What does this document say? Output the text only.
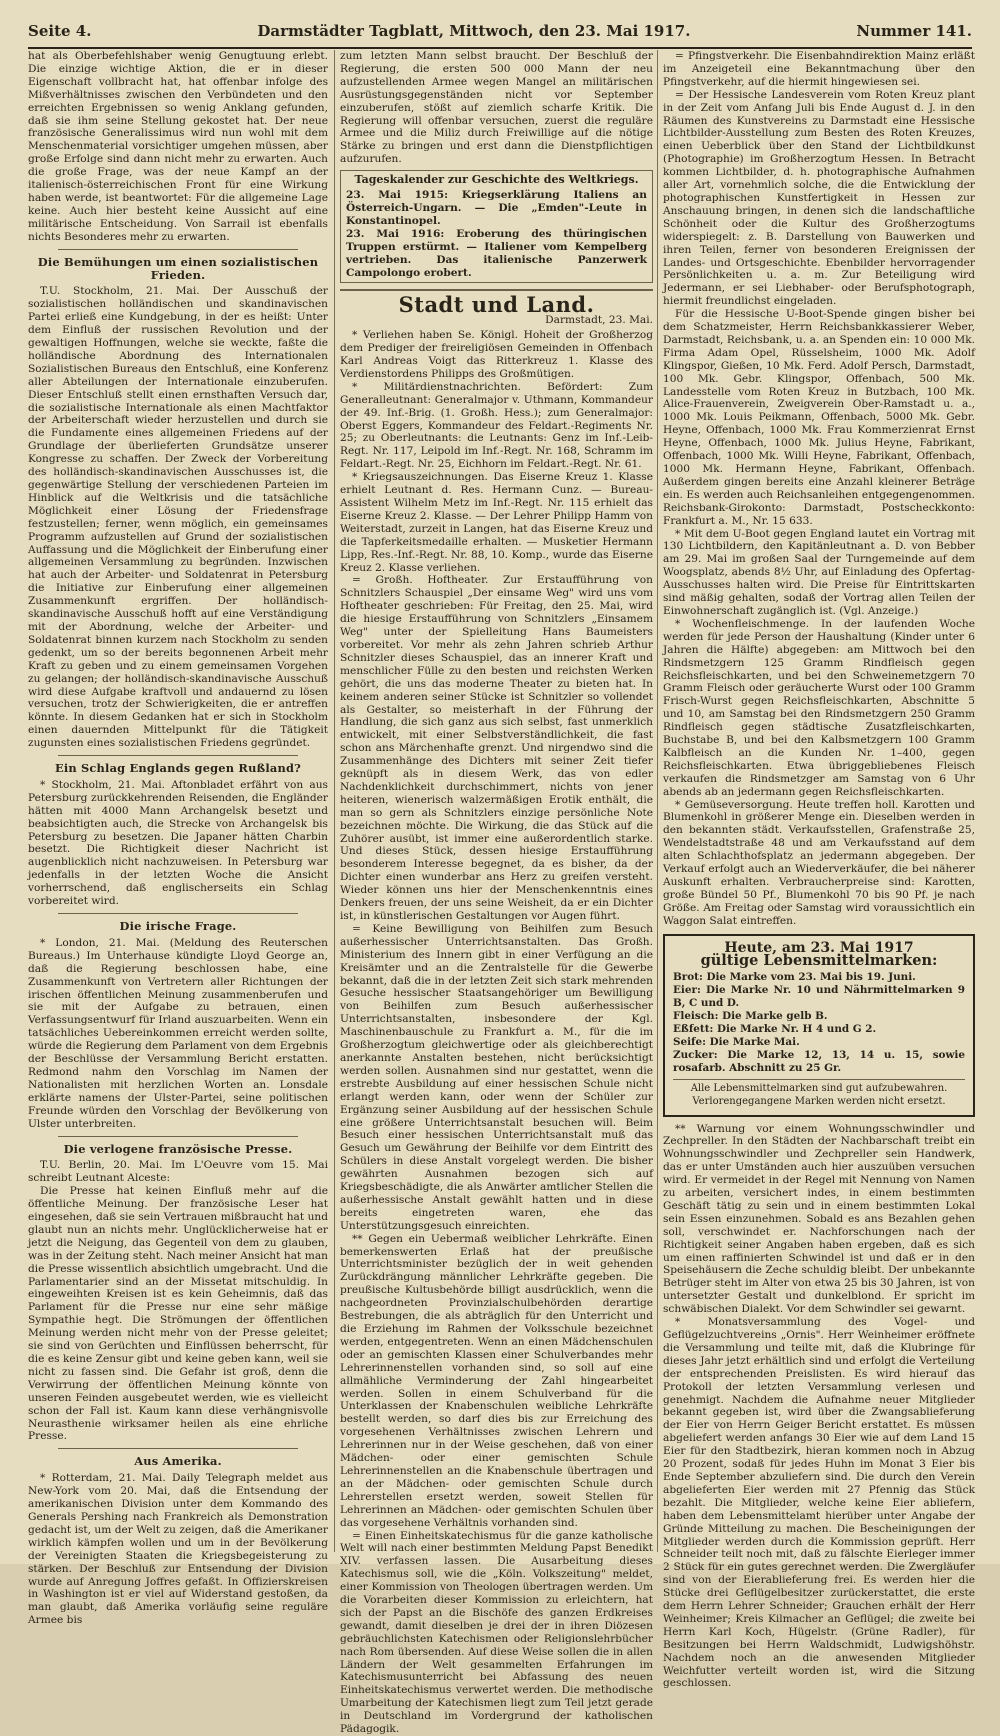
Seite 4.	Darmstädter Tagblatt, Mittwoch, den 23. Mai 1917.	Nummer 141.

hat als Oberbefehlshaber wenig Genugtuung erlebt. Die einzige wichtige Aktion, die er in dieser Eigenschaft vollbracht hat, hat offenbar infolge des Mißverhältnisses zwischen den Verbündeten und den erreichten Ergebnissen so wenig Anklang gefunden, daß sie ihm seine Stellung gekostet hat. Der neue französische Generalissimus wird nun wohl mit dem Menschenmaterial vorsichtiger umgehen müssen, aber große Erfolge sind dann nicht mehr zu erwarten. Auch die große Frage, was der neue Kampf an der italienisch-österreichischen Front für eine Wirkung haben werde, ist beantwortet: Für die allgemeine Lage keine. Auch hier besteht keine Aussicht auf eine militärische Entscheidung. Von Sarrail ist ebenfalls nichts Besonderes mehr zu erwarten.

Die Bemühungen um einen sozialistischen Frieden.

T.U. Stockholm, 21. Mai. Der Ausschuß der sozialistischen holländischen und skandinavischen Partei erließ eine Kundgebung, in der es heißt: Unter dem Einfluß der russischen Revolution und der gewaltigen Hoffnungen, welche sie weckte, faßte die holländische Abordnung des Internationalen Sozialistischen Bureaus den Entschluß, eine Konferenz aller Abteilungen der Internationale einzuberufen. Dieser Entschluß stellt einen ernsthaften Versuch dar, die sozialistische Internationale als einen Machtfaktor der Arbeiterschaft wieder herzustellen und durch sie die Fundamente eines allgemeinen Friedens auf der Grundlage der überlieferten Grundsätze unserer Kongresse zu schaffen. Der Zweck der Vorbereitung des holländisch-skandinavischen Ausschusses ist, die gegenwärtige Stellung der verschiedenen Parteien im Hinblick auf die Weltkrisis und die tatsächliche Möglichkeit einer Lösung der Friedensfrage festzustellen; ferner, wenn möglich, ein gemeinsames Programm aufzustellen auf Grund der sozialistischen Auffassung und die Möglichkeit der Einberufung einer allgemeinen Versammlung zu begründen. Inzwischen hat auch der Arbeiter- und Soldatenrat in Petersburg die Initiative zur Einberufung einer allgemeinen Zusammenkunft ergriffen. Der holländisch-skandinavische Ausschuß hofft auf eine Verständigung mit der Abordnung, welche der Arbeiter- und Soldatenrat binnen kurzem nach Stockholm zu senden gedenkt, um so der bereits begonnenen Arbeit mehr Kraft zu geben und zu einem gemeinsamen Vorgehen zu gelangen; der holländisch-skandinavische Ausschuß wird diese Aufgabe kraftvoll und andauernd zu lösen versuchen, trotz der Schwierigkeiten, die er antreffen könnte. In diesem Gedanken hat er sich in Stockholm einen dauernden Mittelpunkt für die Tätigkeit zugunsten eines sozialistischen Friedens gegründet.

Ein Schlag Englands gegen Rußland?

* Stockholm, 21. Mai. Aftonbladet erfährt von aus Petersburg zurückkehrenden Reisenden, die Engländer hätten mit 4000 Mann Archangelsk besetzt und beabsichtigten auch, die Strecke von Archangelsk bis Petersburg zu besetzen. Die Japaner hätten Charbin besetzt. Die Richtigkeit dieser Nachricht ist augenblicklich nicht nachzuweisen. In Petersburg war jedenfalls in der letzten Woche die Ansicht vorherrschend, daß englischerseits ein Schlag vorbereitet wird.

Die irische Frage.

* London, 21. Mai. (Meldung des Reuterschen Bureaus.) Im Unterhause kündigte Lloyd George an, daß die Regierung beschlossen habe, eine Zusammenkunft von Vertretern aller Richtungen der irischen öffentlichen Meinung zusammenberufen und sie mit der Aufgabe zu betrauen, einen Verfassungsentwurf für Irland auszuarbeiten. Wenn ein tatsächliches Uebereinkommen erreicht werden sollte, würde die Regierung dem Parlament von dem Ergebnis der Beschlüsse der Versammlung Bericht erstatten. Redmond nahm den Vorschlag im Namen der Nationalisten mit herzlichen Worten an. Lonsdale erklärte namens der Ulster-Partei, seine politischen Freunde würden den Vorschlag der Bevölkerung von Ulster unterbreiten.

Die verlogene französische Presse.

T.U. Berlin, 20. Mai. Im L'Oeuvre vom 15. Mai schreibt Leutnant Alceste:

Die Presse hat keinen Einfluß mehr auf die öffentliche Meinung. Der französische Leser hat eingesehen, daß sie sein Vertrauen mißbraucht hat und glaubt nun an nichts mehr. Unglücklicherweise hat er jetzt die Neigung, das Gegenteil von dem zu glauben, was in der Zeitung steht. Nach meiner Ansicht hat man die Presse wissentlich absichtlich umgebracht. Und die Parlamentarier sind an der Missetat mitschuldig. In eingeweihten Kreisen ist es kein Geheimnis, daß das Parlament für die Presse nur eine sehr mäßige Sympathie hegt. Die Strömungen der öffentlichen Meinung werden nicht mehr von der Presse geleitet; sie sind von Gerüchten und Einflüssen beherrscht, für die es keine Zensur gibt und keine geben kann, weil sie nicht zu fassen sind. Die Gefahr ist groß, denn die Verwirrung der öffentlichen Meinung könnte von unseren Feinden ausgebeutet werden, wie es vielleicht schon der Fall ist. Kaum kann diese verhängnisvolle Neurasthenie wirksamer heilen als eine ehrliche Presse.

Aus Amerika.

* Rotterdam, 21. Mai. Daily Telegraph meldet aus New-York vom 20. Mai, daß die Entsendung der amerikanischen Division unter dem Kommando des Generals Pershing nach Frankreich als Demonstration gedacht ist, um der Welt zu zeigen, daß die Amerikaner wirklich kämpfen wollen und um in der Bevölkerung der Vereinigten Staaten die Kriegsbegeisterung zu stärken. Der Beschluß zur Entsendung der Division wurde auf Anregung Joffres gefaßt. In Offizierskreisen in Washington ist er viel auf Widerstand gestoßen, da man glaubt, daß Amerika vorläufig seine reguläre Armee bis

zum letzten Mann selbst braucht. Der Beschluß der Regierung, die ersten 500 000 Mann der neu aufzustellenden Armee wegen Mangel an militärischen Ausrüstungsgegenständen nicht vor September einzuberufen, stößt auf ziemlich scharfe Kritik. Die Regierung will offenbar versuchen, zuerst die reguläre Armee und die Miliz durch Freiwillige auf die nötige Stärke zu bringen und erst dann die Dienstpflichtigen aufzurufen.

Tageskalender zur Geschichte des Weltkriegs.

23. Mai 1915: Kriegserklärung Italiens an Österreich-Ungarn. — Die „Emden"-Leute in Konstantinopel.

23. Mai 1916: Eroberung des thüringischen Truppen erstürmt. — Italiener vom Kempelberg vertrieben. Das italienische Panzerwerk Campolongo erobert.

Stadt und Land.
Darmstadt, 23. Mai.

* Verliehen haben Se. Königl. Hoheit der Großherzog dem Prediger der freireligiösen Gemeinden in Offenbach Karl Andreas Voigt das Ritterkreuz 1. Klasse des Verdienstordens Philipps des Großmütigen.

* Militärdienstnachrichten. Befördert: Zum Generalleutnant: Generalmajor v. Uthmann, Kommandeur der 49. Inf.-Brig. (1. Großh. Hess.); zum Generalmajor: Oberst Eggers, Kommandeur des Feldart.-Regiments Nr. 25; zu Oberleutnants: die Leutnants: Genz im Inf.-Leib-Regt. Nr. 117, Leipold im Inf.-Regt. Nr. 168, Schramm im Feldart.-Regt. Nr. 25, Eichhorn im Feldart.-Regt. Nr. 61.

* Kriegsauszeichnungen. Das Eiserne Kreuz 1. Klasse erhielt Leutnant d. Res. Hermann Cunz. — Bureau-Assistent Wilhelm Metz im Inf.-Regt. Nr. 115 erhielt das Eiserne Kreuz 2. Klasse. — Der Lehrer Philipp Hamm von Weiterstadt, zurzeit in Langen, hat das Eiserne Kreuz und die Tapferkeitsmedaille erhalten. — Musketier Hermann Lipp, Res.-Inf.-Regt. Nr. 88, 10. Komp., wurde das Eiserne Kreuz 2. Klasse verliehen.

= Großh. Hoftheater. Zur Erstaufführung von Schnitzlers Schauspiel „Der einsame Weg" wird uns vom Hoftheater geschrieben: Für Freitag, den 25. Mai, wird die hiesige Erstaufführung von Schnitzlers „Einsamem Weg" unter der Spielleitung Hans Baumeisters vorbereitet. Vor mehr als zehn Jahren schrieb Arthur Schnitzler dieses Schauspiel, das an innerer Kraft und menschlicher Fülle zu den besten und reichsten Werken gehört, die uns das moderne Theater zu bieten hat. In keinem anderen seiner Stücke ist Schnitzler so vollendet als Gestalter, so meisterhaft in der Führung der Handlung, die sich ganz aus sich selbst, fast unmerklich entwickelt, mit einer Selbstverständlichkeit, die fast schon ans Märchenhafte grenzt. Und nirgendwo sind die Zusammenhänge des Dichters mit seiner Zeit tiefer geknüpft als in diesem Werk, das von edler Nachdenklichkeit durchschimmert, nichts von jener heiteren, wienerisch walzermäßigen Erotik enthält, die man so gern als Schnitzlers einzige persönliche Note bezeichnen möchte. Die Wirkung, die das Stück auf die Zuhörer ausübt, ist immer eine außerordentlich starke. Und dieses Stück, dessen hiesige Erstaufführung besonderem Interesse begegnet, da es bisher, da der Dichter einen wunderbar ans Herz zu greifen versteht. Wieder können uns hier der Menschenkenntnis eines Denkers freuen, der uns seine Weisheit, da er ein Dichter ist, in künstlerischen Gestaltungen vor Augen führt.

= Keine Bewilligung von Beihilfen zum Besuch außerhessischer Unterrichtsanstalten. Das Großh. Ministerium des Innern gibt in einer Verfügung an die Kreisämter und an die Zentralstelle für die Gewerbe bekannt, daß die in der letzten Zeit sich stark mehrenden Gesuche hessischer Staatsangehöriger um Bewilligung von Beihilfen zum Besuch außerhessischer Unterrichtsanstalten, insbesondere der Kgl. Maschinenbauschule zu Frankfurt a. M., für die im Großherzogtum gleichwertige oder als gleichberechtigt anerkannte Anstalten bestehen, nicht berücksichtigt werden sollen. Ausnahmen sind nur gestattet, wenn die erstrebte Ausbildung auf einer hessischen Schule nicht erlangt werden kann, oder wenn der Schüler zur Ergänzung seiner Ausbildung auf der hessischen Schule eine größere Unterrichtsanstalt besuchen will. Beim Besuch einer hessischen Unterrichtsanstalt muß das Gesuch um Gewährung der Beihilfe vor dem Eintritt des Schülers in diese Anstalt vorgelegt werden. Die bisher gewährten Ausnahmen bezogen sich auf Kriegsbeschädigte, die als Anwärter amtlicher Stellen die außerhessische Anstalt gewählt hatten und in diese bereits eingetreten waren, ehe das Unterstützungsgesuch einreichten.

** Gegen ein Uebermaß weiblicher Lehrkräfte. Einen bemerkenswerten Erlaß hat der preußische Unterrichtsminister bezüglich der in weit gehenden Zurückdrängung männlicher Lehrkräfte gegeben. Die preußische Kultusbehörde billigt ausdrücklich, wenn die nachgeordneten Provinzialschulbehörden derartige Bestrebungen, die als abträglich für den Unterricht und die Erziehung im Rahmen der Volksschule bezeichnet werden, entgegentreten. Wenn an einen Mädchenschulen oder an gemischten Klassen einer Schulverbandes mehr Lehrerinnenstellen vorhanden sind, so soll auf eine allmähliche Verminderung der Zahl hingearbeitet werden. Sollen in einem Schulverband für die Unterklassen der Knabenschulen weibliche Lehrkräfte bestellt werden, so darf dies bis zur Erreichung des vorgesehenen Verhältnisses zwischen Lehrern und Lehrerinnen nur in der Weise geschehen, daß von einer Mädchen- oder einer gemischten Schule Lehrerinnenstellen an die Knabenschule übertragen und an der Mädchen- oder gemischten Schule durch Lehrerstellen ersetzt werden, soweit Stellen für Lehrerinnen an Mädchen- oder gemischten Schulen über das vorgesehene Verhältnis vorhanden sind.

= Einen Einheitskatechismus für die ganze katholische Welt will nach einer bestimmten Meldung Papst Benedikt XIV. verfassen lassen. Die Ausarbeitung dieses Katechismus soll, wie die „Köln. Volkszeitung" meldet, einer Kommission von Theologen übertragen werden. Um die Vorarbeiten dieser Kommission zu erleichtern, hat sich der Papst an die Bischöfe des ganzen Erdkreises gewandt, damit dieselben je drei der in ihren Diözesen gebräuchlichsten Katechismen oder Religionslehrbücher nach Rom übersenden. Auf diese Weise sollen die in allen Ländern der Welt gesammelten Erfahrungen im Katechismusunterricht bei Abfassung des neuen Einheitskatechismus verwertet werden. Die methodische Umarbeitung der Katechismen liegt zum Teil jetzt gerade in Deutschland im Vordergrund der katholischen Pädagogik.

= Pfingstverkehr. Die Eisenbahndirektion Mainz erläßt im Anzeigeteil eine Bekanntmachung über den Pfingstverkehr, auf die hiermit hingewiesen sei.

= Der Hessische Landesverein vom Roten Kreuz plant in der Zeit vom Anfang Juli bis Ende August d. J. in den Räumen des Kunstvereins zu Darmstadt eine Hessische Lichtbilder-Ausstellung zum Besten des Roten Kreuzes, einen Ueberblick über den Stand der Lichtbildkunst (Photographie) im Großherzogtum Hessen. In Betracht kommen Lichtbilder, d. h. photographische Aufnahmen aller Art, vornehmlich solche, die die Entwicklung der photographischen Kunstfertigkeit in Hessen zur Anschauung bringen, in denen sich die landschaftliche Schönheit oder die Kultur des Großherzogtums widerspiegelt: z. B. Darstellung von Bauwerken und ihren Teilen, ferner von besonderen Ereignissen der Landes- und Ortsgeschichte. Ebenbilder hervorragender Persönlichkeiten u. a. m. Zur Beteiligung wird Jedermann, er sei Liebhaber- oder Berufsphotograph, hiermit freundlichst eingeladen.

Für die Hessische U-Boot-Spende gingen bisher bei dem Schatzmeister, Herrn Reichsbankkassierer Weber, Darmstadt, Reichsbank, u. a. an Spenden ein: 10 000 Mk. Firma Adam Opel, Rüsselsheim, 1000 Mk. Adolf Klingspor, Gießen, 10 Mk. Ferd. Adolf Persch, Darmstadt, 100 Mk. Gebr. Klingspor, Offenbach, 500 Mk. Landesstelle vom Roten Kreuz in Butzbach, 100 Mk. Alice-Frauenverein, Zweigverein Ober-Ramstadt u. a., 1000 Mk. Louis Peikmann, Offenbach, 5000 Mk. Gebr. Heyne, Offenbach, 1000 Mk. Frau Kommerzienrat Ernst Heyne, Offenbach, 1000 Mk. Julius Heyne, Fabrikant, Offenbach, 1000 Mk. Willi Heyne, Fabrikant, Offenbach, 1000 Mk. Hermann Heyne, Fabrikant, Offenbach. Außerdem gingen bereits eine Anzahl kleinerer Beträge ein. Es werden auch Reichsanleihen entgegengenommen. Reichsbank-Girokonto: Darmstadt, Postscheckkonto: Frankfurt a. M., Nr. 15 633.

* Mit dem U-Boot gegen England lautet ein Vortrag mit 130 Lichtbildern, den Kapitänleutnant a. D. von Bebber am 29. Mai im großen Saal der Turngemeinde auf dem Woogsplatz, abends 8½ Uhr, auf Einladung des Opfertag-Ausschusses halten wird. Die Preise für Eintrittskarten sind mäßig gehalten, sodaß der Vortrag allen Teilen der Einwohnerschaft zugänglich ist. (Vgl. Anzeige.)

* Wochenfleischmenge. In der laufenden Woche werden für jede Person der Haushaltung (Kinder unter 6 Jahren die Hälfte) abgegeben: am Mittwoch bei den Rindsmetzgern 125 Gramm Rindfleisch gegen Reichsfleischkarten, und bei den Schweinemetzgern 70 Gramm Fleisch oder geräucherte Wurst oder 100 Gramm Frisch-Wurst gegen Reichsfleischkarten, Abschnitte 5 und 10, am Samstag bei den Rindsmetzgern 250 Gramm Rindfleisch gegen städtische Zusatzfleischkarten, Buchstabe B, und bei den Kalbsmetzgern 100 Gramm Kalbfleisch an die Kunden Nr. 1–400, gegen Reichsfleischkarten. Etwa übriggebliebenes Fleisch verkaufen die Rindsmetzger am Samstag von 6 Uhr abends ab an jedermann gegen Reichsfleischkarten.

* Gemüseversorgung. Heute treffen holl. Karotten und Blumenkohl in größerer Menge ein. Dieselben werden in den bekannten städt. Verkaufsstellen, Grafenstraße 25, Wendelstadtstraße 48 und am Verkaufsstand auf dem alten Schlachthofsplatz an jedermann abgegeben. Der Verkauf erfolgt auch an Wiederverkäufer, die bei näherer Auskunft erhalten. Verbraucherpreise sind: Karotten, große Bündel 50 Pf., Blumenkohl 70 bis 90 Pf. je nach Größe. Am Freitag oder Samstag wird voraussichtlich ein Waggon Salat eintreffen.

Heute, am 23. Mai 1917
gültige Lebensmittelmarken:

Brot: Die Marke vom 23. Mai bis 19. Juni.

Eier: Die Marke Nr. 10 und Nährmittelmarken 9 B, C und D.

Fleisch: Die Marke gelb B.

Eßfett: Die Marke Nr. H 4 und G 2.

Seife: Die Marke Mai.

Zucker: Die Marke 12, 13, 14 u. 15, sowie rosafarb. Abschnitt zu 25 Gr.

Alle Lebensmittelmarken sind gut aufzubewahren. Verlorengegangene Marken werden nicht ersetzt.

** Warnung vor einem Wohnungsschwindler und Zechpreller. In den Städten der Nachbarschaft treibt ein Wohnungsschwindler und Zechpreller sein Handwerk, das er unter Umständen auch hier auszuüben versuchen wird. Er vermeidet in der Regel mit Nennung von Namen zu arbeiten, versichert indes, in einem bestimmten Geschäft tätig zu sein und in einem bestimmten Lokal sein Essen einzunehmen. Sobald es ans Bezahlen gehen soll, verschwindet er. Nachforschungen nach der Richtigkeit seiner Angaben haben ergeben, daß es sich um einen raffinierten Schwindel ist und daß er in den Speisehäusern die Zeche schuldig bleibt. Der unbekannte Betrüger steht im Alter von etwa 25 bis 30 Jahren, ist von untersetzter Gestalt und dunkelblond. Er spricht im schwäbischen Dialekt. Vor dem Schwindler sei gewarnt.

* Monatsversammlung des Vogel- und Geflügelzuchtvereins „Ornis". Herr Weinheimer eröffnete die Versammlung und teilte mit, daß die Klubringe für dieses Jahr jetzt erhältlich sind und erfolgt die Verteilung der entsprechenden Preislisten. Es wird hierauf das Protokoll der letzten Versammlung verlesen und genehmigt. Nachdem die Aufnahme neuer Mitglieder bekannt gegeben ist, wird über die Zwangsablieferung der Eier von Herrn Geiger Bericht erstattet. Es müssen abgeliefert werden anfangs 30 Eier wie auf dem Land 15 Eier für den Stadtbezirk, hieran kommen noch in Abzug 20 Prozent, sodaß für jedes Huhn im Monat 3 Eier bis Ende September abzuliefern sind. Die durch den Verein abgelieferten Eier werden mit 27 Pfennig das Stück bezahlt. Die Mitglieder, welche keine Eier abliefern, haben dem Lebensmittelamt hierüber unter Angabe der Gründe Mitteilung zu machen. Die Bescheinigungen der Mitglieder werden durch die Kommission geprüft. Herr Schneider teilt noch mit, daß zu fälschte Eierleger immer 2 Stück für ein gutes gerechnet werden. Die Zwergläufer sind von der Eierablieferung frei. Es werden hier die Stücke drei Geflügelbesitzer zurückerstattet, die erste dem Herrn Lehrer Schneider; Grauchen erhält der Herr Weinheimer; Kreis Kilmacher an Geflügel; die zweite bei Herrn Karl Koch, Hügelstr. (Grüne Radler), für Besitzungen bei Herrn Waldschmidt, Ludwigshöhstr. Nachdem noch an die anwesenden Mitglieder Weichfutter verteilt worden ist, wird die Sitzung geschlossen.
